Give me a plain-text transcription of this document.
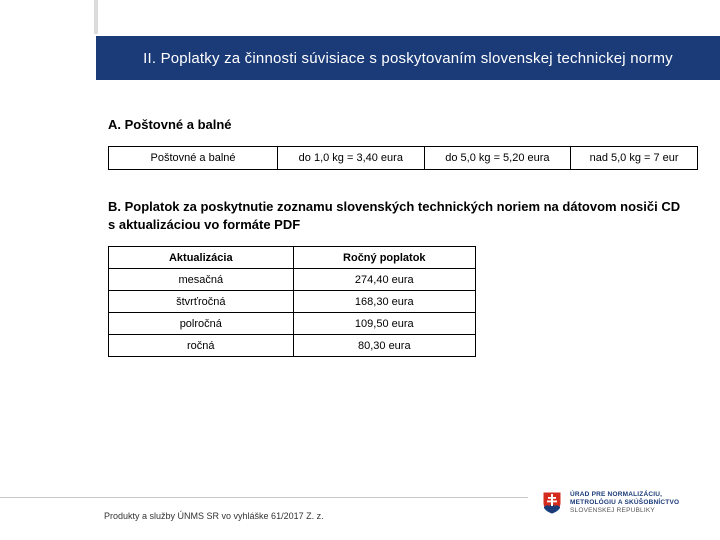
II. Poplatky za činnosti súvisiace s poskytovaním slovenskej technickej normy
A. Poštovné a balné
Poštovné a balné	do 1,0 kg = 3,40 eura	do 5,0 kg = 5,20 eura	nad 5,0 kg = 7 eur
B. Poplatok za poskytnutie zoznamu slovenských technických noriem na dátovom nosiči CD s aktualizáciou vo formáte PDF
Aktualizácia	Ročný poplatok
mesačná	274,40 eura
štvrťročná	168,30 eura
polročná	109,50 eura
ročná	80,30 eura
Produkty a služby ÚNMS SR vo vyhláške 61/2017 Z. z.
ÚRAD PRE NORMALIZÁCIU,
METROLÓGIU A SKÚŠOBNÍCTVO
SLOVENSKEJ REPUBLIKY
